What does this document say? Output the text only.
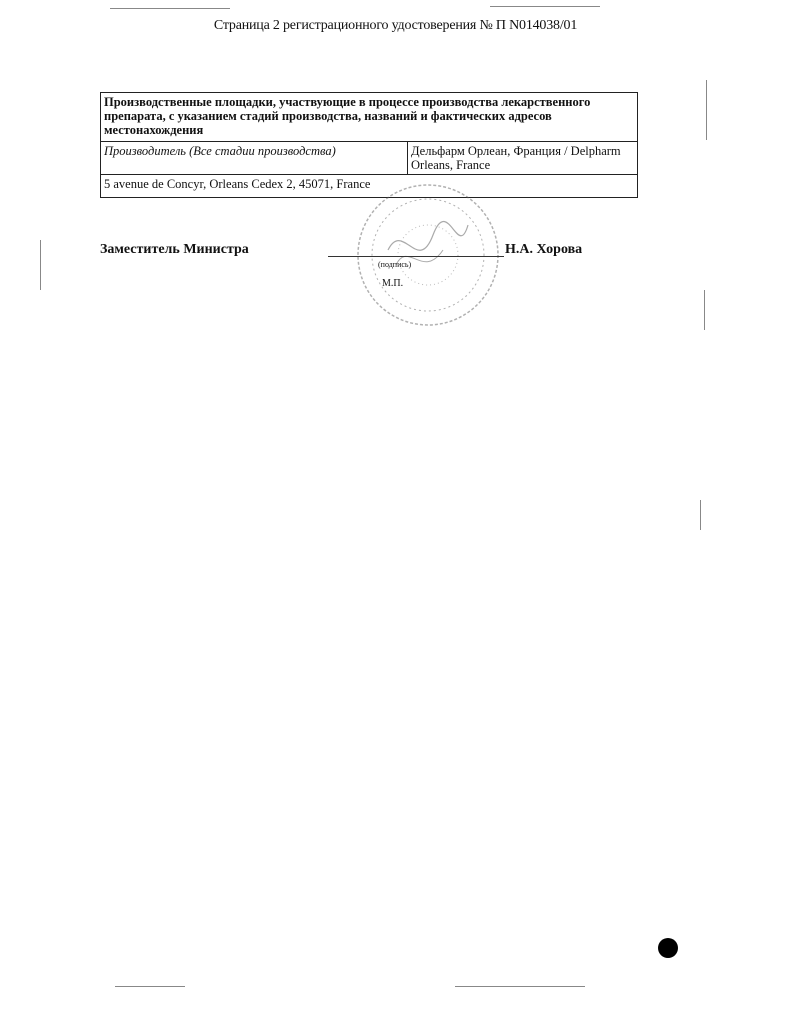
Страница 2 регистрационного удостоверения № П N014038/01
Производственные площадки, участвующие в процессе производства лекарственного препарата, с указанием стадий производства, названий и фактических адресов местонахождения
Производитель (Все стадии производства)	Дельфарм Орлеан, Франция / Delpharm Orleans, France
5 avenue de Concyr, Orleans Cedex 2, 45071, France
Заместитель Министра
(подпись)
М.П.
Н.А. Хорова
